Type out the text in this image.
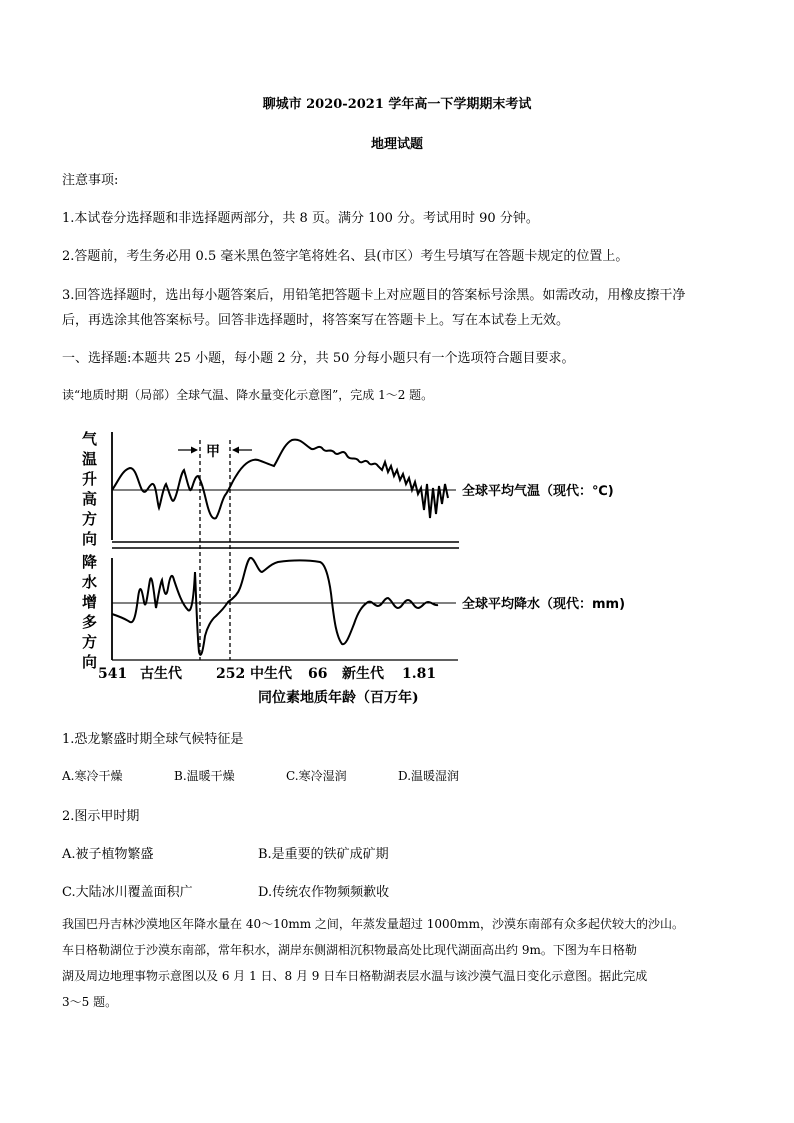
聊城市 2020-2021 学年高一下学期期末考试
地理试题
注意事项:
1.本试卷分选择题和非选择题两部分，共 8 页。满分 100 分。考试用时 90 分钟。
2.答题前，考生务必用 0.5 毫米黑色签字笔将姓名、县(市区）考生号填写在答题卡规定的位置上。
3.回答选择题时，选出每小题答案后，用铅笔把答题卡上对应题目的答案标号涂黑。如需改动，用橡皮擦干净
后，再选涂其他答案标号。回答非选择题时，将答案写在答题卡上。写在本试卷上无效。
一、选择题:本题共 25 小题，每小题 2 分，共 50 分每小题只有一个选项符合题目要求。
读“地质时期（局部）全球气温、降水量变化示意图”，完成 1～2 题。
气
温
升
高
方
向
降
水
增
多
方
向
甲
全球平均气温（现代：℃)
全球平均降水（现代：mm)
541 古生代 252 中生代 66 新生代 1.81
同位素地质年龄（百万年)
1.恐龙繁盛时期全球气候特征是
A.寒冷干燥	B.温暖干燥	C.寒冷湿润	D.温暖湿润
2.图示甲时期
A.被子植物繁盛	B.是重要的铁矿成矿期
C.大陆冰川覆盖面积广	D.传统农作物频频歉收
我国巴丹吉林沙漠地区年降水量在 40～10mm 之间，年蒸发量超过 1000mm，沙漠东南部有众多起伏较大的沙山。
车日格勒湖位于沙漠东南部，常年积水，湖岸东侧湖相沉积物最高处比现代湖面高出约 9m。下图为车日格勒
湖及周边地理事物示意图以及 6 月 1 日、8 月 9 日车日格勒湖表层水温与该沙漠气温日变化示意图。据此完成
3～5 题。
